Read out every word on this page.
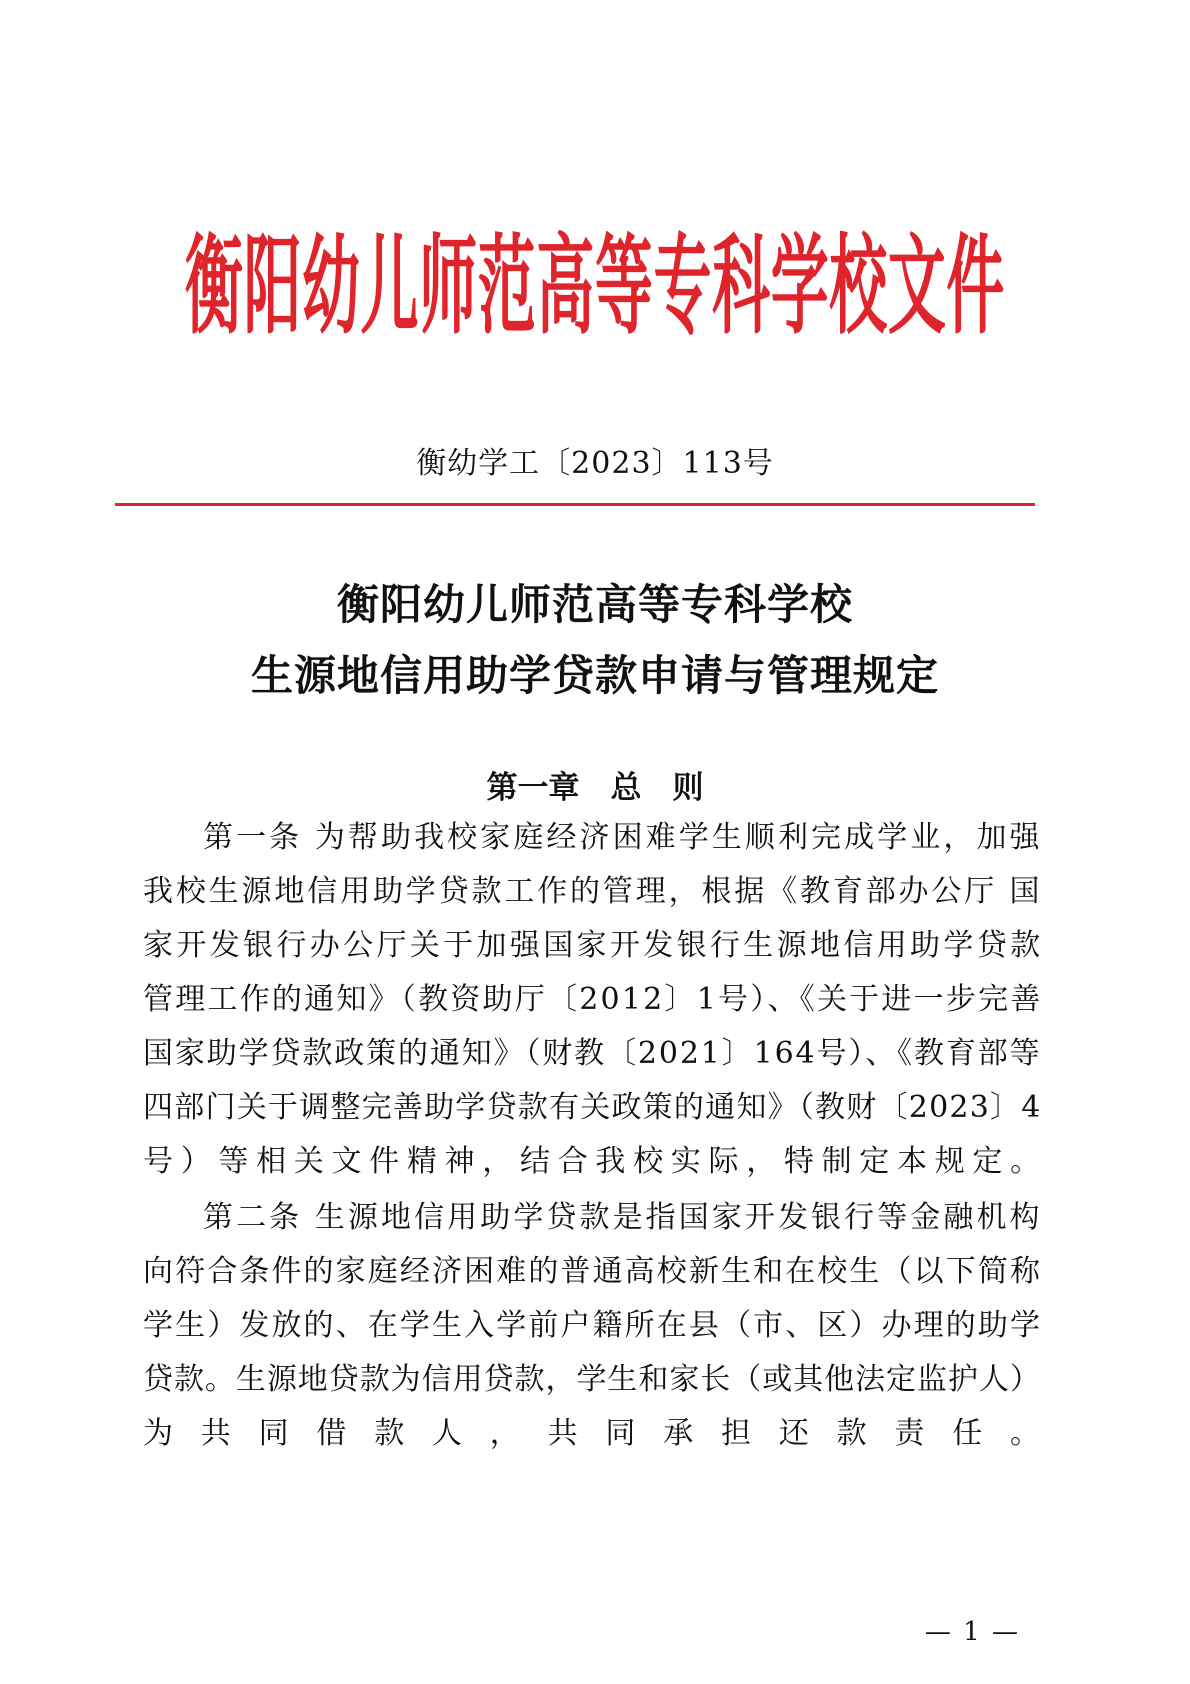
衡阳幼儿师范高等专科学校文件
衡幼学工〔2023〕113号
衡阳幼儿师范高等专科学校
生源地信用助学贷款申请与管理规定
第一章　总　则
第一条 为帮助我校家庭经济困难学生顺利完成学业，加强
我校生源地信用助学贷款工作的管理，根据《教育部办公厅 国
家开发银行办公厅关于加强国家开发银行生源地信用助学贷款
管理工作的通知》（教资助厅〔2012〕1号）、《关于进一步完善
国家助学贷款政策的通知》（财教〔2021〕164号）、《教育部等
四部门关于调整完善助学贷款有关政策的通知》（教财〔2023〕4
号）等相关文件精神，结合我校实际，特制定本规定。
第二条 生源地信用助学贷款是指国家开发银行等金融机构
向符合条件的家庭经济困难的普通高校新生和在校生（以下简称
学生）发放的、在学生入学前户籍所在县（市、区）办理的助学
贷款。生源地贷款为信用贷款，学生和家长（或其他法定监护人）
为共同借款人，共同承担还款责任。
— 1 —
